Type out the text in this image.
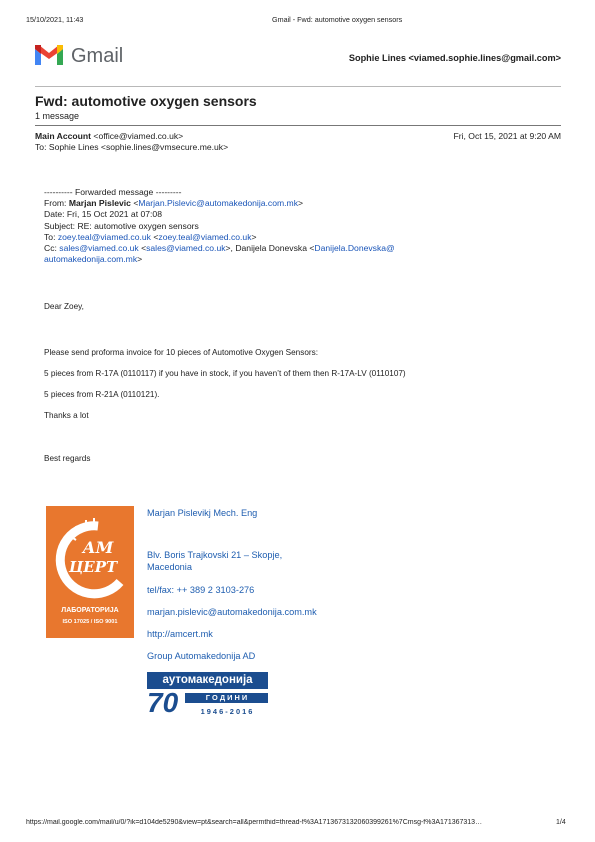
15/10/2021, 11:43	Gmail - Fwd: automotive oxygen sensors
Gmail	Sophie Lines <viamed.sophie.lines@gmail.com>
Fwd: automotive oxygen sensors
1 message
Main Account <office@viamed.co.uk>	Fri, Oct 15, 2021 at 9:20 AM
To: Sophie Lines <sophie.lines@vmsecure.me.uk>
---------- Forwarded message ---------
From: Marjan Pislevic <Marjan.Pislevic@automakedonija.com.mk>
Date: Fri, 15 Oct 2021 at 07:08
Subject: RE: automotive oxygen sensors
To: zoey.teal@viamed.co.uk <zoey.teal@viamed.co.uk>
Cc: sales@viamed.co.uk <sales@viamed.co.uk>, Danijela Donevska <Danijela.Donevska@
automakedonija.com.mk>
Dear Zoey,
Please send proforma invoice for 10 pieces of Automotive Oxygen Sensors:
5 pieces from R-17A (0110117) if you have in stock, if you haven’t of them then R-17A-LV (0110107)
5 pieces from R-21A (0110121).
Thanks a lot
Best regards
АМ
ЦЕРТ
ЛАБОРАТОРИЈА
ISO 17025 / ISO 9001
Marjan Pislevikj Mech. Eng
Blv. Boris Trajkovski 21 – Skopje,
Macedonia
tel/fax: ++ 389 2 3103-276
marjan.pislevic@automakedonija.com.mk
http://amcert.mk
Group Automakedonija AD
аутомакедонија
70	Г О Д И Н И
1 9 4 6 - 2 0 1 6
https://mail.google.com/mail/u/0/?ik=d104de5290&view=pt&search=all&permthid=thread-f%3A1713673132060399261%7Cmsg-f%3A171367313…	1/4
